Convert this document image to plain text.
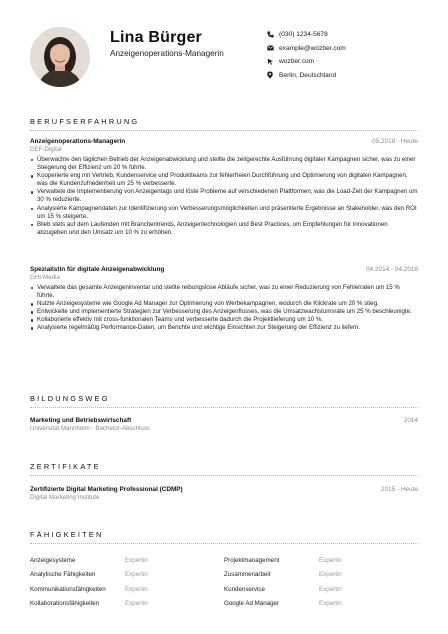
Lina Bürger
Anzeigenoperations-Managerin
(030) 1234-5678
example@wozber.com
wozber.com
Berlin, Deutschland
BERUFSERFAHRUNG
Anzeigenoperations-Managerin	05.2018 - Heute
DEF-Digital
Überwachte den täglichen Betrieb der Anzeigenabwicklung und stellte die zeitgerechte Ausführung digitaler Kampagnen sicher, was zu einer Steigerung der Effizienz um 20 % führte.
Kooperierte eng mit Vertrieb, Kundenservice und Produktteams zur fehlerfreien Durchführung und Optimierung von digitalen Kampagnen, was die Kundenzufriedenheit um 25 % verbesserte.
Verwaltete die Implementierung von Anzeigentags und löste Probleme auf verschiedenen Plattformen, was die Load-Zeit der Kampagnen um 30 % reduzierte.
Analysierte Kampagnendaten zur Identifizierung von Verbesserungsmöglichkeiten und präsentierte Ergebnisse an Stakeholder, was den ROI um 15 % steigerte.
Blieb stets auf dem Laufenden mit Branchentrends, Anzeigentechnologien und Best Practices, um Empfehlungen für Innovationen abzugeben und den Umsatz um 10 % zu erhöhen.
Spezialistin für digitale Anzeigenabwicklung	04.2014 - 04.2018
GHI-Media
Verwaltete das gesamte Anzeigeninventar und stellte reibungslose Abläufe sicher, was zu einer Reduzierung von Fehlerraten um 15 % führte.
Nutzte Anzeigesysteme wie Google Ad Manager zur Optimierung von Werbekampagnen, wodurch die Klickrate um 20 % stieg.
Entwickelte und implementierte Strategien zur Verbesserung des Anzeigenflusses, was die Umsatzwachstumsrate um 25 % beschleunigte.
Kollaborierte effektiv mit cross-funktionalen Teams und verbesserte dadurch die Projektlieferung um 10 %.
Analysierte regelmäßig Performance-Daten, um Berichte und wichtige Einsichten zur Steigerung der Effizienz zu liefern.
BILDUNGSWEG
Marketing und Betriebswirtschaft	2014
Universität Mannheim - Bachelor-Abschluss
ZERTIFIKATE
Zertifizierte Digital Marketing Professional (CDMP)	2015 - Heute
Digital Marketing Institute
FÄHIGKEITEN
Anzeigesysteme	Expertin	Projektmanagement	Expertin
Analytische Fähigkeiten	Expertin	Zusammenarbeit	Expertin
Kommunikationsfähigkeiten	Expertin	Kundenservice	Expertin
Kollaborationsfähigkeiten	Expertin	Google Ad Manager	Expertin
